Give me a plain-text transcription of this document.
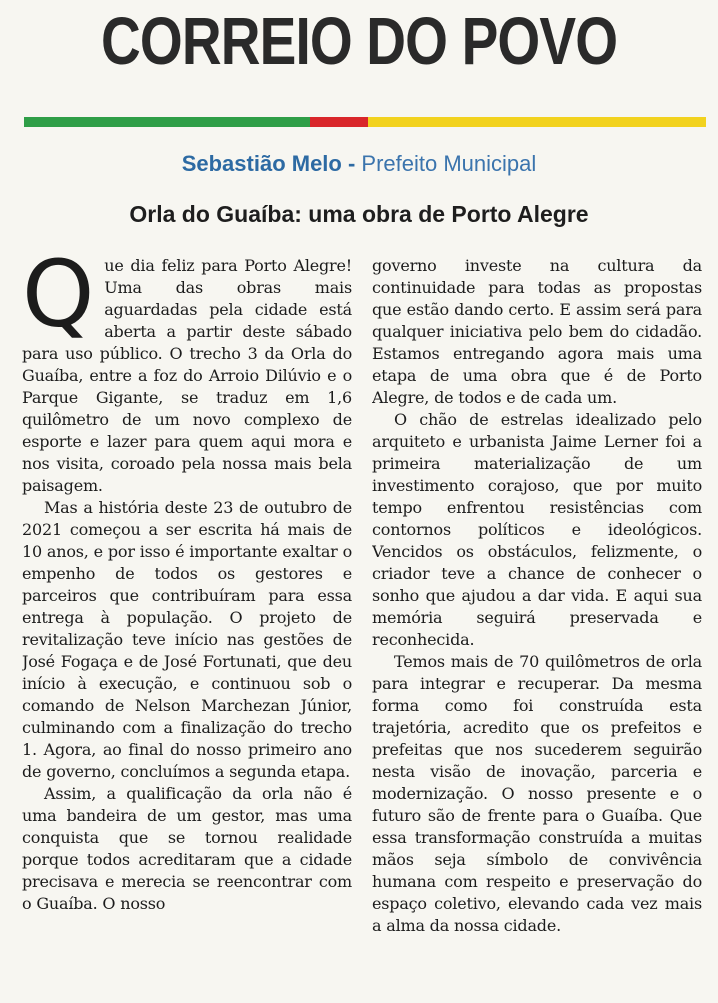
CORREIO DO POVO
Sebastião Melo - Prefeito Municipal
Orla do Guaíba: uma obra de Porto Alegre

Que dia feliz para Porto Alegre! Uma das obras mais aguardadas pela cidade está aberta a partir deste sábado para uso público. O trecho 3 da Orla do Guaíba, entre a foz do Arroio Dilúvio e o Parque Gigante, se traduz em 1,6 quilômetro de um novo complexo de esporte e lazer para quem aqui mora e nos visita, coroado pela nossa mais bela paisagem.

Mas a história deste 23 de outubro de 2021 começou a ser escrita há mais de 10 anos, e por isso é importante exaltar o empenho de todos os gestores e parceiros que contribuíram para essa entrega à população. O projeto de revitalização teve início nas gestões de José Fogaça e de José Fortunati, que deu início à execução, e continuou sob o comando de Nelson Marchezan Júnior, culminando com a finalização do trecho 1. Agora, ao final do nosso primeiro ano de governo, concluímos a segunda etapa.

Assim, a qualificação da orla não é uma bandeira de um gestor, mas uma conquista que se tornou realidade porque todos acreditaram que a cidade precisava e merecia se reencontrar com o Guaíba. O nosso

governo investe na cultura da continuidade para todas as propostas que estão dando certo. E assim será para qualquer iniciativa pelo bem do cidadão. Estamos entregando agora mais uma etapa de uma obra que é de Porto Alegre, de todos e de cada um.

O chão de estrelas idealizado pelo arquiteto e urbanista Jaime Lerner foi a primeira materialização de um investimento corajoso, que por muito tempo enfrentou resistências com contornos políticos e ideológicos. Vencidos os obstáculos, felizmente, o criador teve a chance de conhecer o sonho que ajudou a dar vida. E aqui sua memória seguirá preservada e reconhecida.

Temos mais de 70 quilômetros de orla para integrar e recuperar. Da mesma forma como foi construída esta trajetória, acredito que os prefeitos e prefeitas que nos sucederem seguirão nesta visão de inovação, parceria e modernização. O nosso presente e o futuro são de frente para o Guaíba. Que essa transformação construída a muitas mãos seja símbolo de convivência humana com respeito e preservação do espaço coletivo, elevando cada vez mais a alma da nossa cidade.
